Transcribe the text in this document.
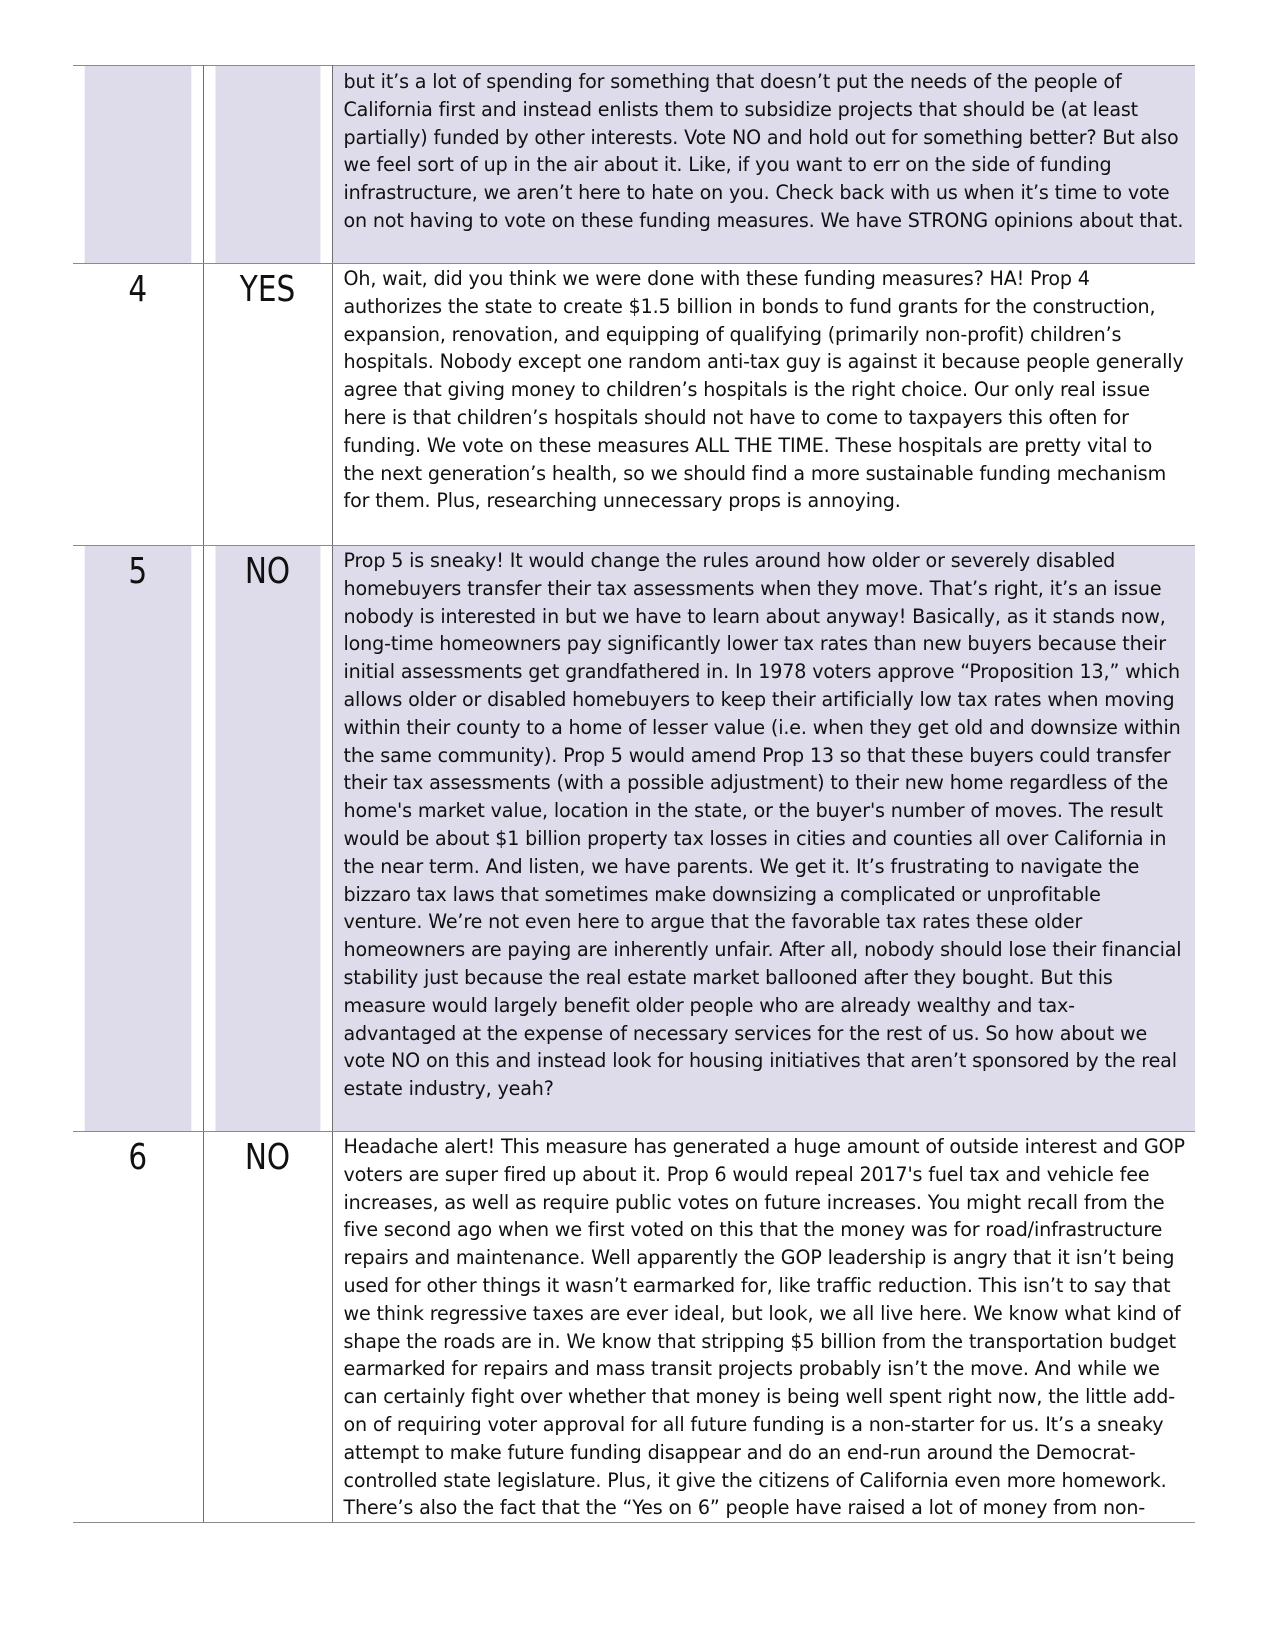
		but it’s a lot of spending for something that doesn’t put the needs of the people of California first and instead enlists them to subsidize projects that should be (at least partially) funded by other interests. Vote NO and hold out for something better? But also we feel sort of up in the air about it. Like, if you want to err on the side of funding infrastructure, we aren’t here to hate on you. Check back with us when it’s time to vote on not having to vote on these funding measures. We have STRONG opinions about that.
4	YES	Oh, wait, did you think we were done with these funding measures? HA! Prop 4 authorizes the state to create $1.5 billion in bonds to fund grants for the construction, expansion, renovation, and equipping of qualifying (primarily non-profit) children’s hospitals. Nobody except one random anti-tax guy is against it because people generally agree that giving money to children’s hospitals is the right choice. Our only real issue here is that children’s hospitals should not have to come to taxpayers this often for funding. We vote on these measures ALL THE TIME. These hospitals are pretty vital to the next generation’s health, so we should find a more sustainable funding mechanism for them. Plus, researching unnecessary props is annoying.
5	NO	Prop 5 is sneaky! It would change the rules around how older or severely disabled homebuyers transfer their tax assessments when they move. That’s right, it’s an issue nobody is interested in but we have to learn about anyway! Basically, as it stands now, long-time homeowners pay significantly lower tax rates than new buyers because their initial assessments get grandfathered in. In 1978 voters approve “Proposition 13,” which allows older or disabled homebuyers to keep their artificially low tax rates when moving within their county to a home of lesser value (i.e. when they get old and downsize within the same community). Prop 5 would amend Prop 13 so that these buyers could transfer their tax assessments (with a possible adjustment) to their new home regardless of the home's market value, location in the state, or the buyer's number of moves. The result would be about $1 billion property tax losses in cities and counties all over California in the near term. And listen, we have parents. We get it. It’s frustrating to navigate the bizzaro tax laws that sometimes make downsizing a complicated or unprofitable venture. We’re not even here to argue that the favorable tax rates these older homeowners are paying are inherently unfair. After all, nobody should lose their financial stability just because the real estate market ballooned after they bought. But this measure would largely benefit older people who are already wealthy and tax-advantaged at the expense of necessary services for the rest of us. So how about we vote NO on this and instead look for housing initiatives that aren’t sponsored by the real estate industry, yeah?
6	NO	Headache alert! This measure has generated a huge amount of outside interest and GOP voters are super fired up about it. Prop 6 would repeal 2017's fuel tax and vehicle fee increases, as well as require public votes on future increases. You might recall from the five second ago when we first voted on this that the money was for road/infrastructure repairs and maintenance. Well apparently the GOP leadership is angry that it isn’t being used for other things it wasn’t earmarked for, like traffic reduction. This isn’t to say that we think regressive taxes are ever ideal, but look, we all live here. We know what kind of shape the roads are in. We know that stripping $5 billion from the transportation budget earmarked for repairs and mass transit projects probably isn’t the move. And while we can certainly fight over whether that money is being well spent right now, the little add-on of requiring voter approval for all future funding is a non-starter for us. It’s a sneaky attempt to make future funding disappear and do an end-run around the Democrat-controlled state legislature. Plus, it give the citizens of California even more homework. There’s also the fact that the “Yes on 6” people have raised a lot of money from non-
